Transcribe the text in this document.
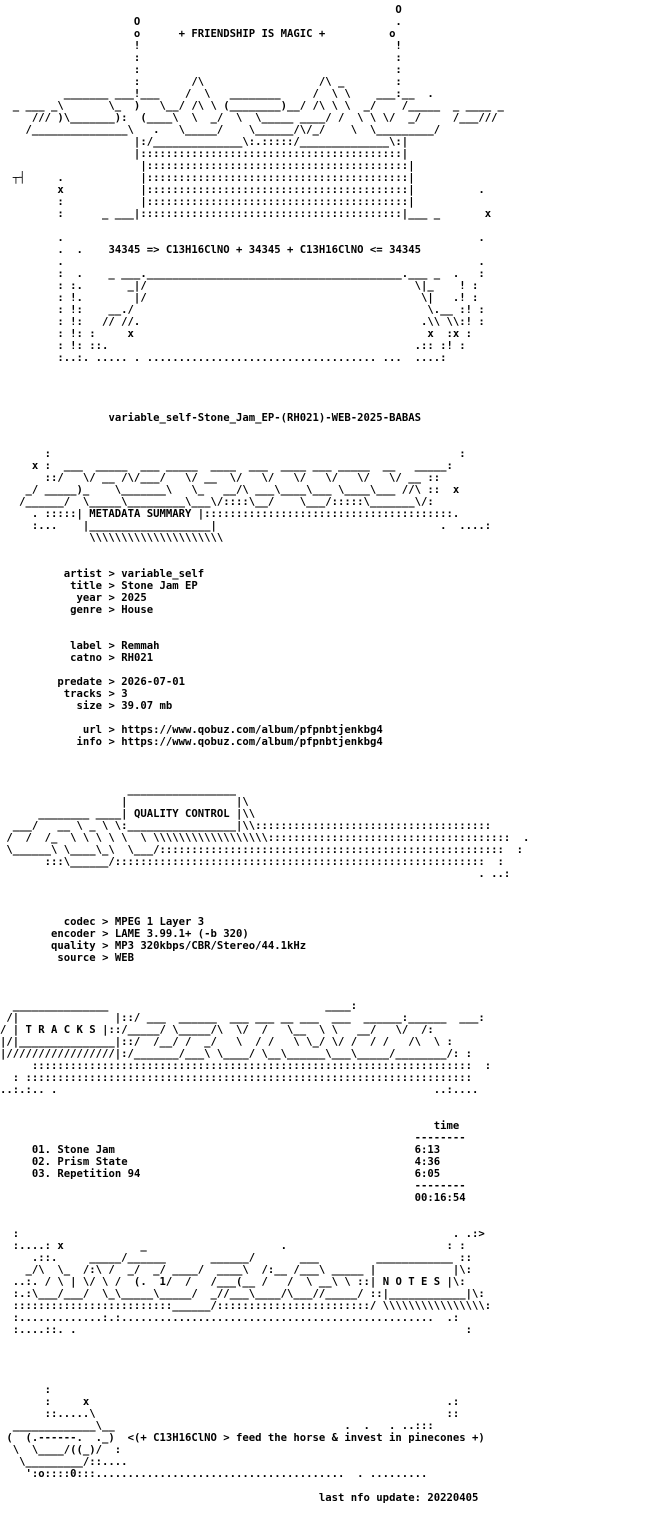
O
O                                        .
o      + FRIENDSHIP IS MAGIC +          o
!                                        !
:                                        :
:                                        :
:        /\                  /\ _        :
_______ ___!___    /  \   ________     /  \ \    ___:__  .
_ ___ _\       \_  )   \__/ /\ \ (________)__/ /\ \ \  _/    /_____  _ ____ _
/// )\_______):  (____\  \  _/  \  \_____ ____/ /  \ \ \/  _/     /___///
/_______________\   .   \_____/    \______/\/_/    \  \_________/
|:/______________\:.:::::/______________\:|
|:::::::::::::::::::::::::::::::::::::::::|
|:::::::::::::::::::::::::::::::::::::::::|
┬┤     .            |:::::::::::::::::::::::::::::::::::::::::|
x            |:::::::::::::::::::::::::::::::::::::::::|          .
:            |:::::::::::::::::::::::::::::::::::::::::|
:      _ ___|:::::::::::::::::::::::::::::::::::::::::|___ _       x

.                                                                 .
.  .    34345 => C13H16ClNO + 34345 + C13H16ClNO <= 34345
.                                                                 .
:  .    _ ___.________________________________________.___ _  .   :
: :.       _|/                                          \|_    ! :
: !.        |/                                           \|   .! :
: !:    __./                                              \.__ :! :
: !:   // //.                                            .\\ \\:! :
: !: :     x                                              x  :x :
: !: ::.                                                .:: :! :
:..:. ..... . .................................... ...  ....:

variable_self-Stone_Jam_EP-(RH021)-WEB-2025-BABAS

:                                                                :
x :  ___  _____  ___ _____  ____  ___  ____ ___ _____  __   _____:
::/   \/ __ /\/___/   \/ __  \/   \/   \/   \/   \/   \/ __ ::
_/ _____)_    \_______\   \_   __/\ ___\____\___ \____\___ //\ ::  x
/______/  \_____\_________\___\/::::\__/    \___/:::::\_______\/:
. :::::| METADATA SUMMARY |:::::::::::::::::::::::::::::::::::::::.
:...    |___________________|                                   .  ....:
\\\\\\\\\\\\\\\\\\\\\

artist > variable_self
title > Stone Jam EP
year > 2025
genre > House

label > Remmah
catno > RH021

predate > 2026-07-01
tracks > 3
size > 39.07 mb

url > https://www.qobuz.com/album/pfpnbtjenkbg4
info > https://www.qobuz.com/album/pfpnbtjenkbg4

_________________
|                 |\
________ ____| QUALITY CONTROL |\\
___/   __ \ _ \ \:_________________|\\:::::::::::::::::::::::::::::::::::::
/  /  /_  \ \ \ \ \  \ \\\\\\\\\\\\\\\\\\::::::::::::::::::::::::::::::::::::::  .
\______\ \____\_\  \___/::::::::::::::::::::::::::::::::::::::::::::::::::::::  :
:::\______/::::::::::::::::::::::::::::::::::::::::::::::::::::::::::  :
. ..:

codec > MPEG 1 Layer 3
encoder > LAME 3.99.1+ (-b 320)
quality > MP3 320kbps/CBR/Stereo/44.1kHz
source > WEB

_______________                                  ____:
/|               |::/ ___  ______  ___ ___ __ ___  ___  ______:______  ___:
/ | T R A C K S |::/_____/ \_____/\  \/  /   \__  \ \   __/   \/  /:
|/|_______________|::/  /__/ /  _/   \  / /   \ \_/ \/ /  / /   /\  \ :
|/////////////////|:/_______/___\ \____/ \__\______\___\_____/________/: :
:::::::::::::::::::::::::::::::::::::::::::::::::::::::::::::::::::::  :
: ::::::::::::::::::::::::::::::::::::::::::::::::::::::::::::::::::::::
..:.:.. .                                                           ..:....

time
--------
01. Stone Jam	6:13
02. Prism State	4:36
03. Repetition 94	6:05
--------
00:16:54

:                                                                    . .:>
:....: x            _                     .                         : :
.::.     _____/______       ______/       ___         ____________ ::
_/\  \_  /:\ /  _/  _/ ____/  ____\  /:__ /___\ _____ |            |\:
..:. / \ | \/ \ /  (.  1/  /   /___(__ /   /  \ __\ \ ::| N O T E S |\:
:.:\___/___/  \_\_____\_____/  _//___\____/\___//_____/ ::|____________|\:
:::::::::::::::::::::::::______/::::::::::::::::::::::::/ \\\\\\\\\\\\\\\\:
:.............:.:.................................................  .:
:....::. .                                                             :

:
:     x                                                        .:
::.....\                                                       ::
_____________\__                                    .  .   . ..:::
(  (.------.  ._)  <(+ C13H16ClNO > feed the horse & invest in pinecones +)
\  \____/((_)/  :
\_________/::....
':o::::0:::.......................................  . .........

last nfo update: 20220405
